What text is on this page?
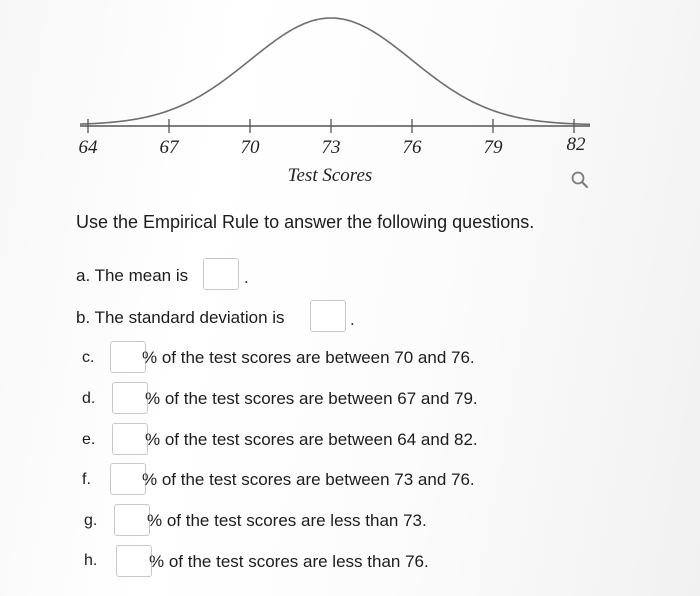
64	67	70	73	76	79	82
Test Scores
Use the Empirical Rule to answer the following questions.
a. The mean is	.
b. The standard deviation is	.
c.	% of the test scores are between 70 and 76.
d.	% of the test scores are between 67 and 79.
e.	% of the test scores are between 64 and 82.
f.	% of the test scores are between 73 and 76.
g.	% of the test scores are less than 73.
h.	% of the test scores are less than 76.
